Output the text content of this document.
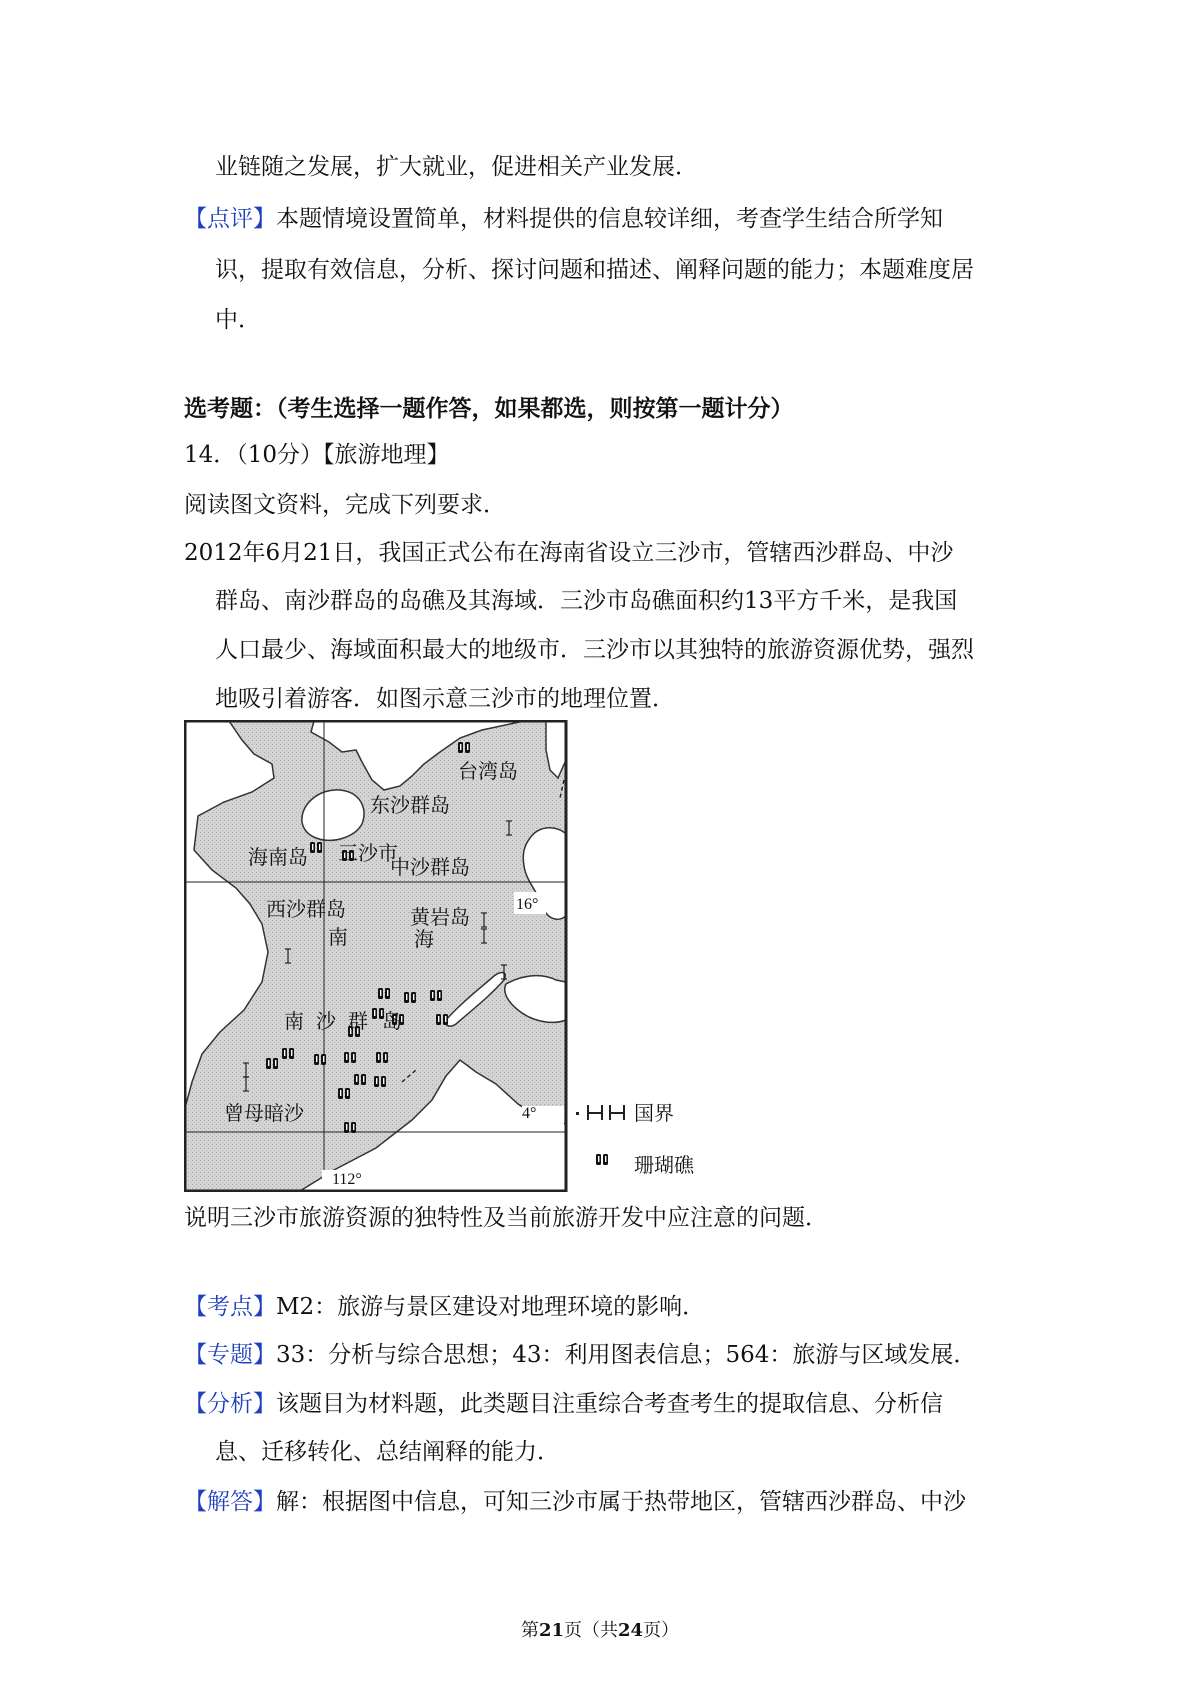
业链随之发展，扩大就业，促进相关产业发展．
【点评】本题情境设置简单，材料提供的信息较详细，考查学生结合所学知
识，提取有效信息，分析、探讨问题和描述、阐释问题的能力；本题难度居
中．
选考题：（考生选择一题作答，如果都选，则按第一题计分）
14．（10分）【旅游地理】
阅读图文资料，完成下列要求．
2012年6月21日，我国正式公布在海南省设立三沙市，管辖西沙群岛、中沙
群岛、南沙群岛的岛礁及其海域．三沙市岛礁面积约13平方千米，是我国
人口最少、海域面积最大的地级市．三沙市以其独特的旅游资源优势，强烈
地吸引着游客．如图示意三沙市的地理位置．
台湾岛
东沙群岛
海南岛 三沙市
中沙群岛
西沙群岛	黄岩岛
南	海
南 沙 群 岛
曾母暗沙
16°
4°
112°
国界
珊瑚礁
说明三沙市旅游资源的独特性及当前旅游开发中应注意的问题．
【考点】M2：旅游与景区建设对地理环境的影响．
【专题】33：分析与综合思想；43：利用图表信息；564：旅游与区域发展．
【分析】该题目为材料题，此类题目注重综合考查考生的提取信息、分析信
息、迁移转化、总结阐释的能力．
【解答】解：根据图中信息，可知三沙市属于热带地区，管辖西沙群岛、中沙
第21页（共24页）
